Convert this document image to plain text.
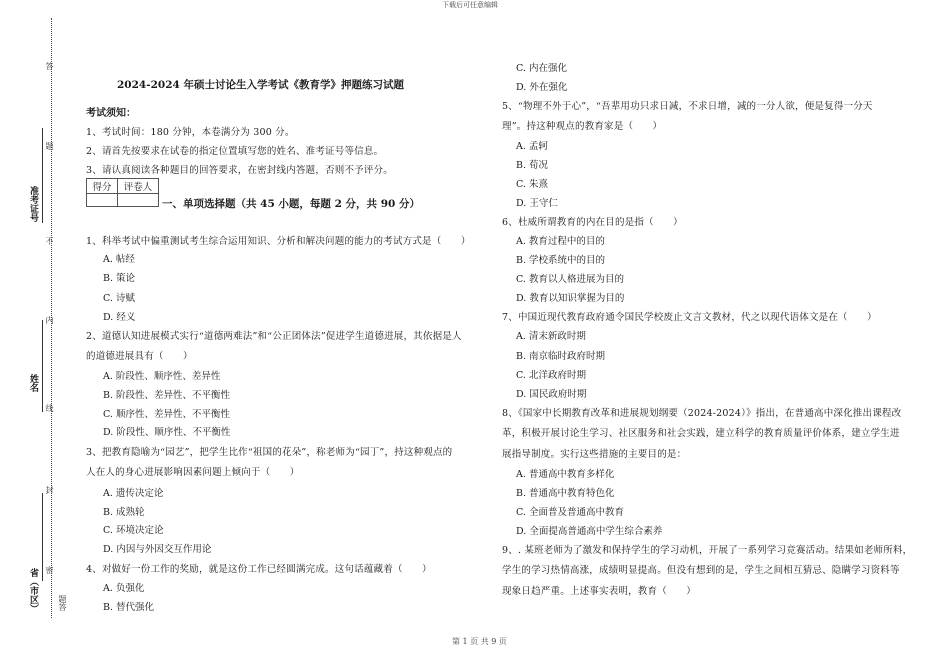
下载后可任意编辑
第 1 页 共 9 页
准考证号
姓名
省（市区）
答
题
不
内
线
封
密
题答
2024-2024 年硕士讨论生入学考试《教育学》押题练习试题
考试须知：
1、考试时间：180 分钟，本卷满分为 300 分。
2、请首先按要求在试卷的指定位置填写您的姓名、准考证号等信息。
3、请认真阅读各种题目的回答要求，在密封线内答题，否则不予评分。
得分	评卷人

一、单项选择题（共 45 小题，每题 2 分，共 90 分）
1、科举考试中偏重测试考生综合运用知识、分析和解决问题的能力的考试方式是（　　）
A. 帖经
B. 策论
C. 诗赋
D. 经义
2、道德认知进展模式实行“道德两难法”和“公正团体法”促进学生道德进展，其依据是人
的道德进展具有（　　）
A. 阶段性、顺序性、差异性
B. 阶段性、差异性、不平衡性
C. 顺序性、差异性、不平衡性
D. 阶段性、顺序性、不平衡性
3、把教育隐喻为“园艺”，把学生比作“祖国的花朵”，称老师为“园丁”，持这种观点的
人在人的身心进展影响因素问题上倾向于（　　）
A. 遗传决定论
B. 成熟轮
C. 环境决定论
D. 内因与外因交互作用论
4、对做好一份工作的奖励，就是这份工作已经圆满完成。这句话蕴藏着（　　）
A. 负强化
B. 替代强化
C. 内在强化
D. 外在强化
5、“物理不外于心”，“吾辈用功只求日减，不求日增，减的一分人欲，便是复得一分天
理”。持这种观点的教育家是（　　）
A. 孟轲
B. 荀况
C. 朱熹
D. 王守仁
6、杜威所谓教育的内在目的是指（　　）
A. 教育过程中的目的
B. 学校系统中的目的
C. 教育以人格进展为目的
D. 教育以知识掌握为目的
7、中国近现代教育政府通令国民学校废止文言文教材，代之以现代语体文是在（　　）
A. 清末新政时期
B. 南京临时政府时期
C. 北洋政府时期
D. 国民政府时期
8、《国家中长期教育改革和进展规划纲要（2024-2024）》指出，在普通高中深化推出课程改
革，积极开展讨论生学习、社区服务和社会实践，建立科学的教育质量评价体系，建立学生进
展指导制度。实行这些措施的主要目的是：
A. 普通高中教育多样化
B. 普通高中教育特色化
C. 全面普及普通高中教育
D. 全面提高普通高中学生综合素养
9、. 某班老师为了激发和保持学生的学习动机，开展了一系列学习竞赛活动。结果如老师所料，
学生的学习热情高涨，成绩明显提高。但没有想到的是，学生之间相互猜忌、隐瞒学习资料等
现象日趋严重。上述事实表明，教育（　　）
